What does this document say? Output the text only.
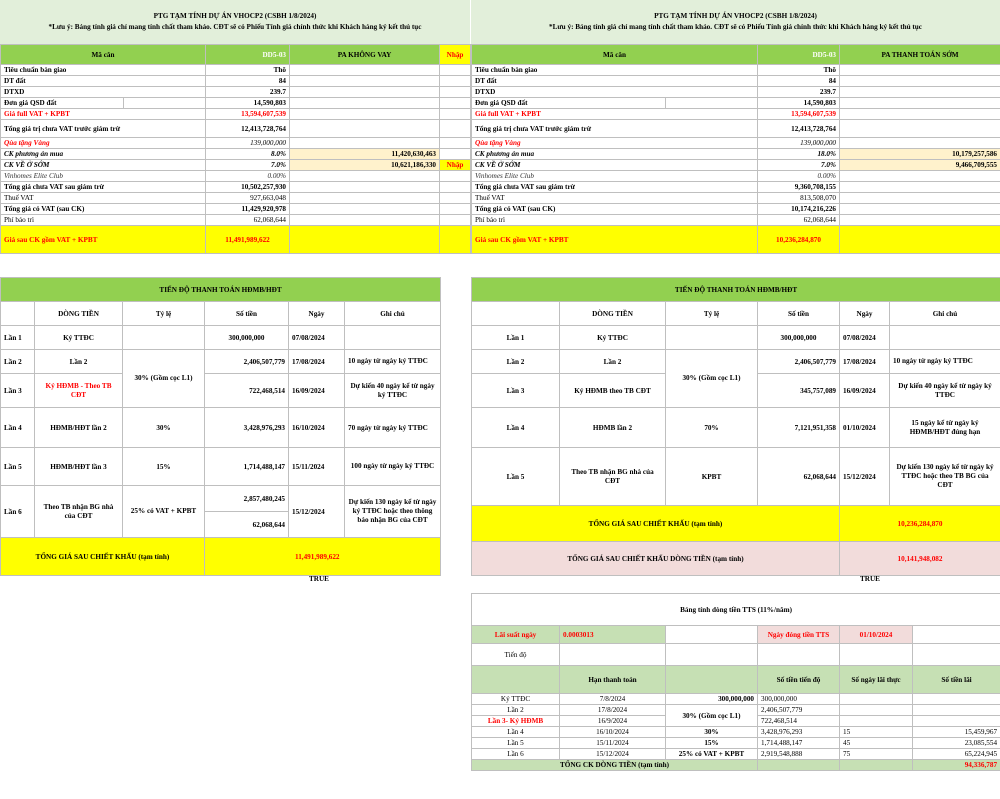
PTG TẠM TÍNH DỰ ÁN VHOCP2 (CSBH 1/8/2024)
*Lưu ý: Bảng tính giá chỉ mang tính chất tham khảo. CĐT sẽ có Phiếu Tính giá chính thức khi Khách hàng ký kết thủ tục
Mã căn		DD5-03	PA KHÔNG VAY	Nhập
Tiêu chuẩn bàn giao		Thô		
DT đất		84		
DTXD		239.7		
Đơn giá QSD đất		14,590,803		
Giá full VAT + KPBT		13,594,607,539		
Tổng giá trị chưa VAT trước giảm trừ		12,413,728,764		
Qùa tặng Vàng		139,000,000		
CK phương án mua		8.0%	11,420,630,463	
CK VỀ Ở SỚM		7.0%	10,621,186,330	Nhập
Vinhomes Elite Club		0.00%		
Tổng giá chưa VAT sau giảm trừ		10,502,257,930		
Thuế VAT		927,663,048		
Tổng giá có VAT (sau CK)		11,429,920,978		
Phí bảo trì		62,068,644		
Giá sau CK gồm VAT + KPBT		11,491,989,622		
TIẾN ĐỘ THANH TOÁN HĐMB/HĐT					
	DÒNG TIỀN	Tỷ lệ	Số tiền	Ngày	Ghi chú
Lần 1	Ký TTĐC		300,000,000	07/08/2024	
Lần 2	Lần 2	30% (Gồm cọc L1)	2,406,507,779	17/08/2024	10 ngày từ ngày ký TTĐC
Lần 3	Ký HĐMB - Theo TB CĐT		722,468,514	16/09/2024	Dự kiến 40 ngày kể từ ngày ký TTĐC
Lần 4	HĐMB/HĐT lần 2	30%	3,428,976,293	16/10/2024	70 ngày từ ngày ký TTĐC
Lần 5	HĐMB/HĐT lần 3	15%	1,714,488,147	15/11/2024	100 ngày từ ngày ký TTĐC
Lần 6	Theo TB nhận BG nhà của CĐT	25% có VAT + KPBT	2,857,480,245	15/12/2024	Dự kiến 130 ngày kể từ ngày ký TTĐC hoặc theo thông báo nhận BG của CĐT
			62,068,644		
TỔNG GIÁ SAU CHIẾT KHẤU (tạm tính)			11,491,989,622		
TRUE
PTG TẠM TÍNH DỰ ÁN VHOCP2 (CSBH 1/8/2024)
*Lưu ý: Bảng tính giá chỉ mang tính chất tham khảo. CĐT sẽ có Phiếu Tính giá chính thức khi Khách hàng ký kết thủ tục
Mã căn		DD5-03	PA THANH TOÁN SỚM
Tiêu chuẩn bàn giao		Thô	
DT đất		84	
DTXD		239.7	
Đơn giá QSD đất		14,590,803	
Giá full VAT + KPBT		13,594,607,539	
Tổng giá trị chưa VAT trước giảm trừ		12,413,728,764	
Qùa tặng Vàng		139,000,000	
CK phương án mua		18.0%	10,179,257,586
CK VỀ Ở SỚM		7.0%	9,466,709,555
Vinhomes Elite Club		0.00%	
Tổng giá chưa VAT sau giảm trừ		9,360,708,155	
Thuế VAT		813,508,070	
Tổng giá có VAT (sau CK)		10,174,216,226	
Phí bảo trì		62,068,644	
Giá sau CK gồm VAT + KPBT		10,236,284,870	
TIẾN ĐỘ THANH TOÁN HĐMB/HĐT					
	DÒNG TIỀN	Tỷ lệ	Số tiền	Ngày	Ghi chú
Lần 1	Ký TTĐC		300,000,000	07/08/2024	
Lần 2	Lần 2	30% (Gồm cọc L1)	2,406,507,779	17/08/2024	10 ngày từ ngày ký TTĐC
Lần 3	Ký HĐMB theo TB CĐT		345,757,089	16/09/2024	Dự kiến 40 ngày kể từ ngày ký TTĐC
Lần 4	HĐMB lần 2	70%	7,121,951,358	01/10/2024	15 ngày kể từ ngày ký HĐMB/HĐT đúng hạn
Lần 5	Theo TB nhận BG nhà của CĐT	KPBT	62,068,644	15/12/2024	Dự kiến 130 ngày kể từ ngày ký TTĐC hoặc theo TB BG của CĐT
TỔNG GIÁ SAU CHIẾT KHẤU (tạm tính)				10,236,284,870	
TỔNG GIÁ SAU CHIẾT KHẤU DÒNG TIỀN (tạm tính)				10,141,948,082	
TRUE
Bảng tính dòng tiền TTS (11%/năm)					
Lãi suất ngày	0.0003013		Ngày đóng tiền TTS	01/10/2024	
Tiến độ					
	Hạn thanh toán		Số tiền tiến độ	Số ngày lãi thực	Số tiền lãi
Ký TTĐC	7/8/2024	300,000,000	300,000,000		
Lần 2	17/8/2024	30% (Gồm cọc L1)	2,406,507,779		
Lần 3- Ký HĐMB	16/9/2024		722,468,514		
Lần 4	16/10/2024	30%	3,428,976,293	15	15,459,967
Lần 5	15/11/2024	15%	1,714,488,147	45	23,085,554
Lần 6	15/12/2024	25% có VAT + KPBT	2,919,548,888	75	65,224,945
TỔNG CK DÒNG TIỀN (tạm tính)					94,336,787
